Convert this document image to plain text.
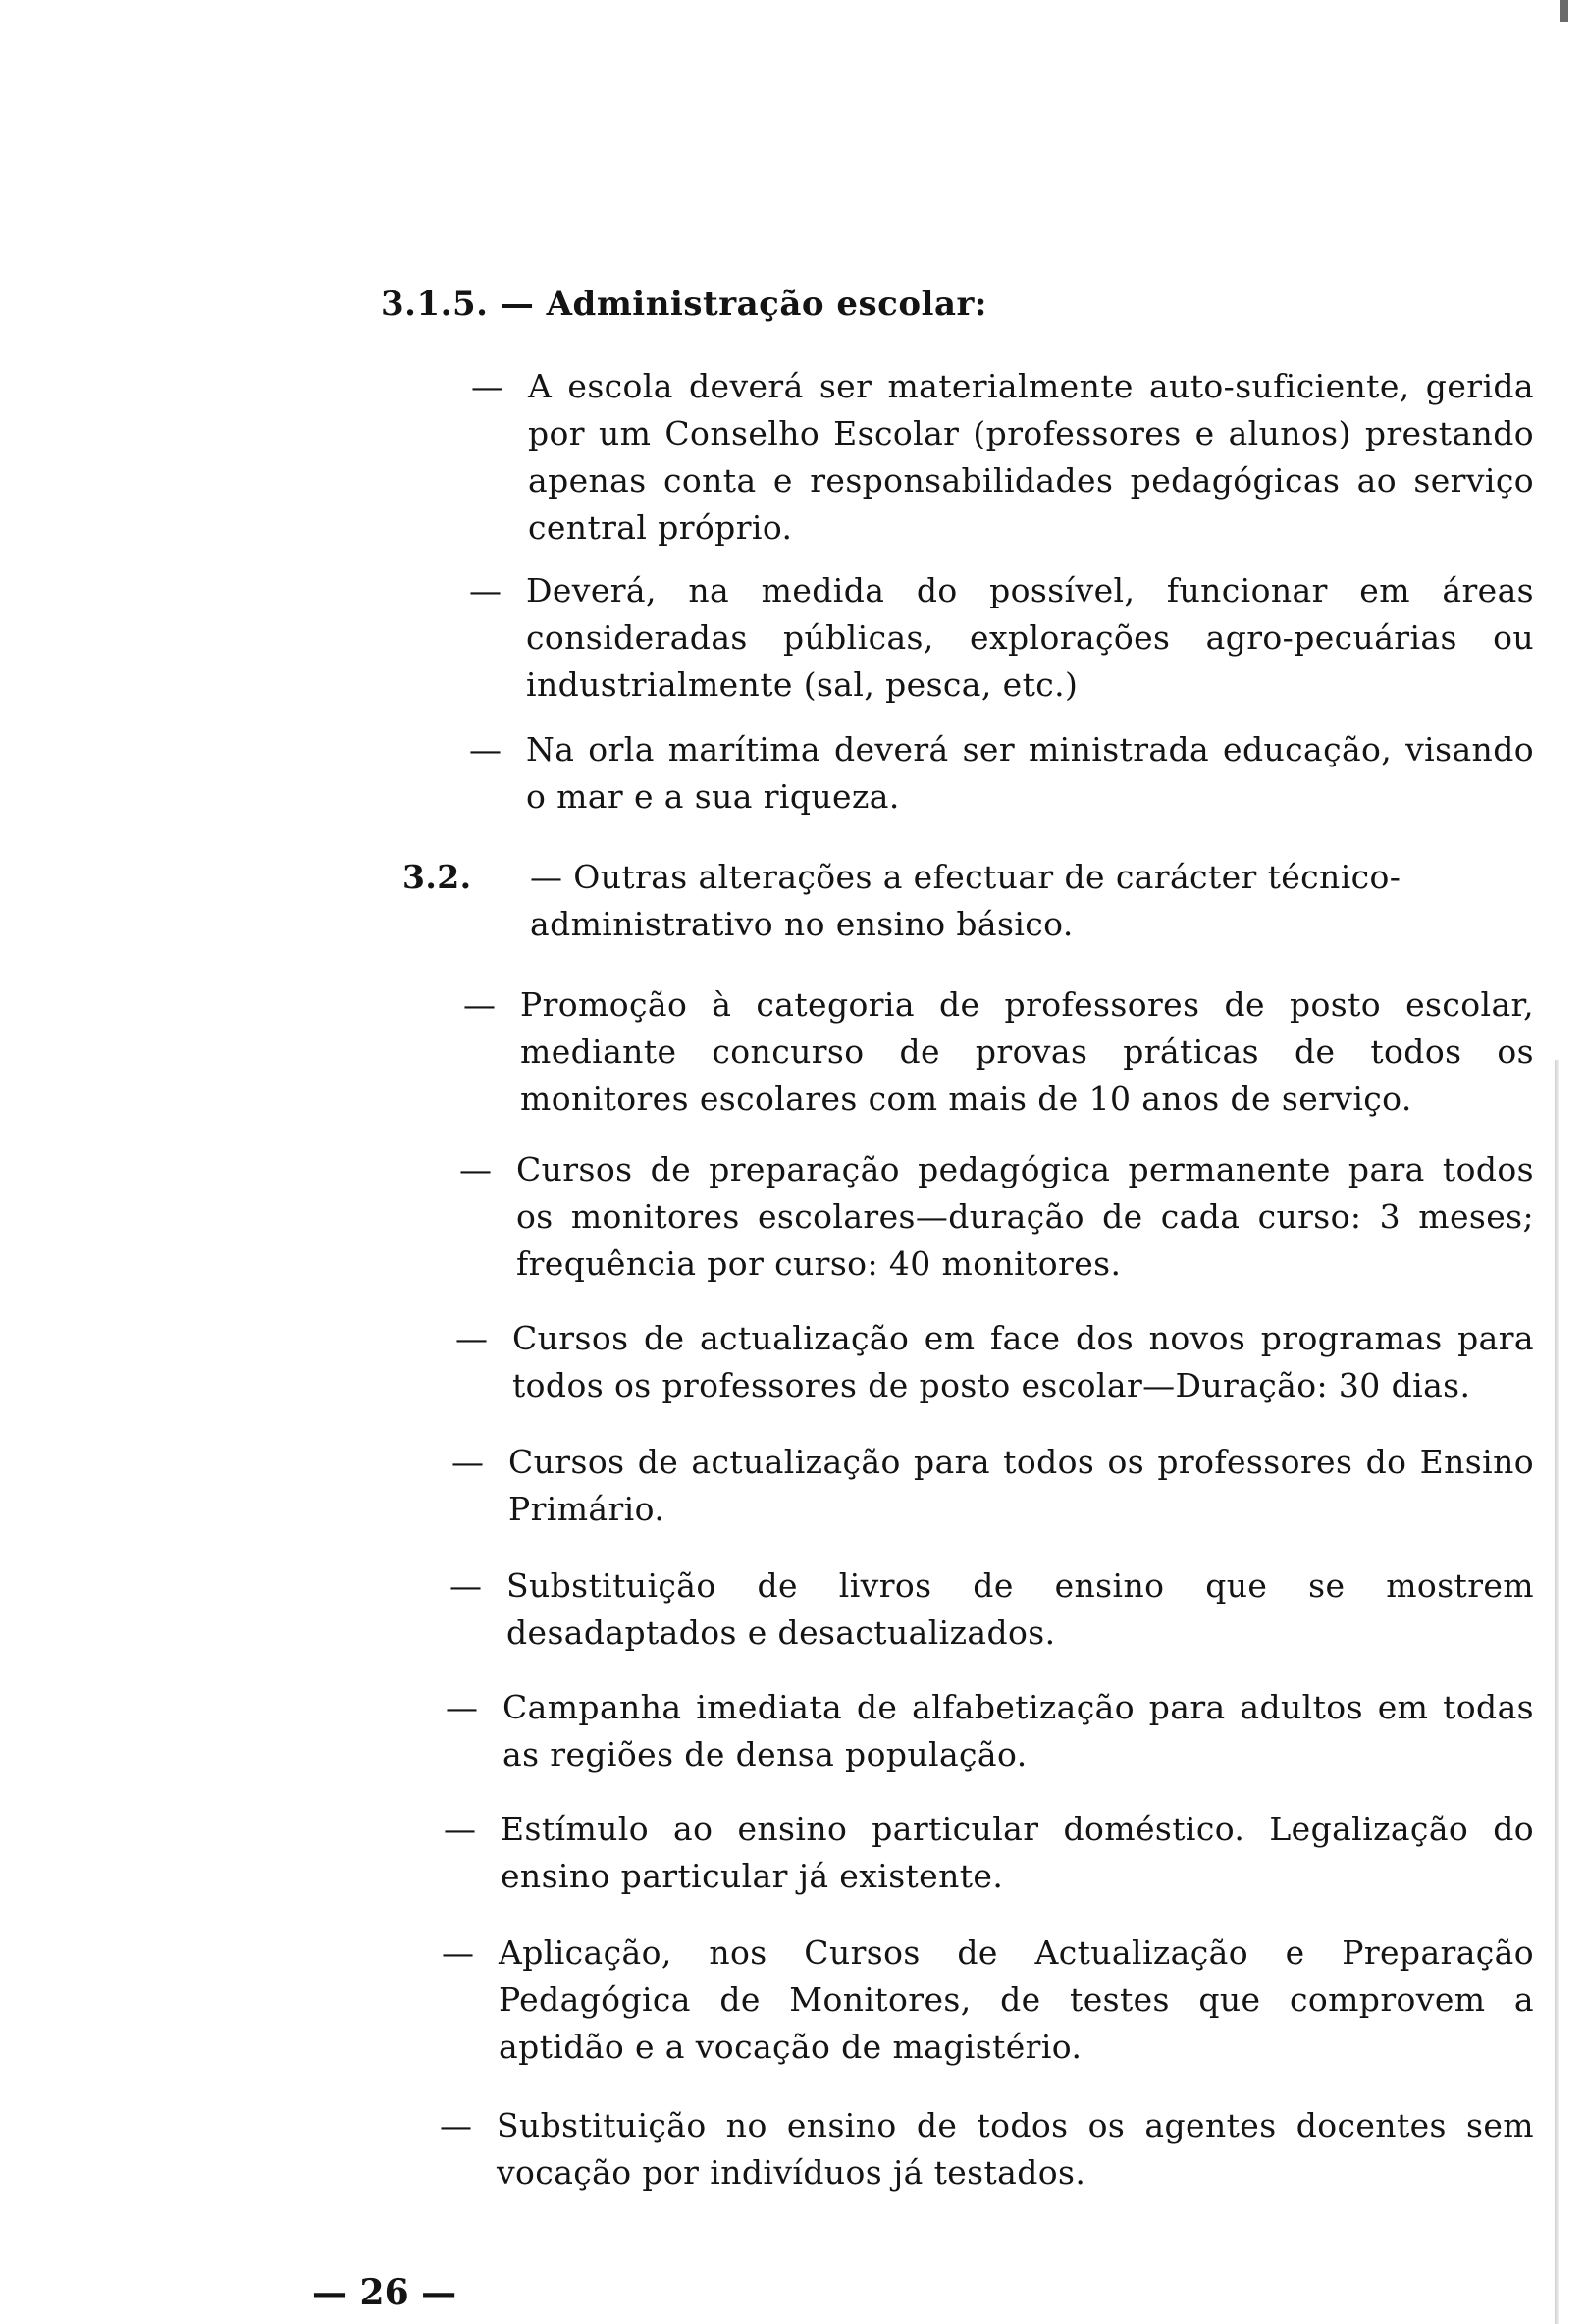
3.1.5. — Administração escolar:
— A escola deverá ser materialmente auto-suficiente, gerida por um Conselho Escolar (professores e alunos) prestando apenas conta e responsabilidades pedagógicas ao serviço central próprio.
— Deverá, na medida do possível, funcionar em áreas consideradas públicas, explorações agro-pecuárias ou industrialmente (sal, pesca, etc.)
— Na orla marítima deverá ser ministrada educação, visando o mar e a sua riqueza.
3.2. — Outras alterações a efectuar de carácter técnico-administrativo no ensino básico.
— Promoção à categoria de professores de posto escolar, mediante concurso de provas práticas de todos os monitores escolares com mais de 10 anos de serviço.
— Cursos de preparação pedagógica permanente para todos os monitores escolares—duração de cada curso: 3 meses; frequência por curso: 40 monitores.
— Cursos de actualização em face dos novos programas para todos os professores de posto escolar—Duração: 30 dias.
— Cursos de actualização para todos os professores do Ensino Primário.
— Substituição de livros de ensino que se mostrem desadaptados e desactualizados.
— Campanha imediata de alfabetização para adultos em todas as regiões de densa população.
— Estímulo ao ensino particular doméstico. Legalização do ensino particular já existente.
— Aplicação, nos Cursos de Actualização e Preparação Pedagógica de Monitores, de testes que comprovem a aptidão e a vocação de magistério.
— Substituição no ensino de todos os agentes docentes sem vocação por indivíduos já testados.
— 26 —
